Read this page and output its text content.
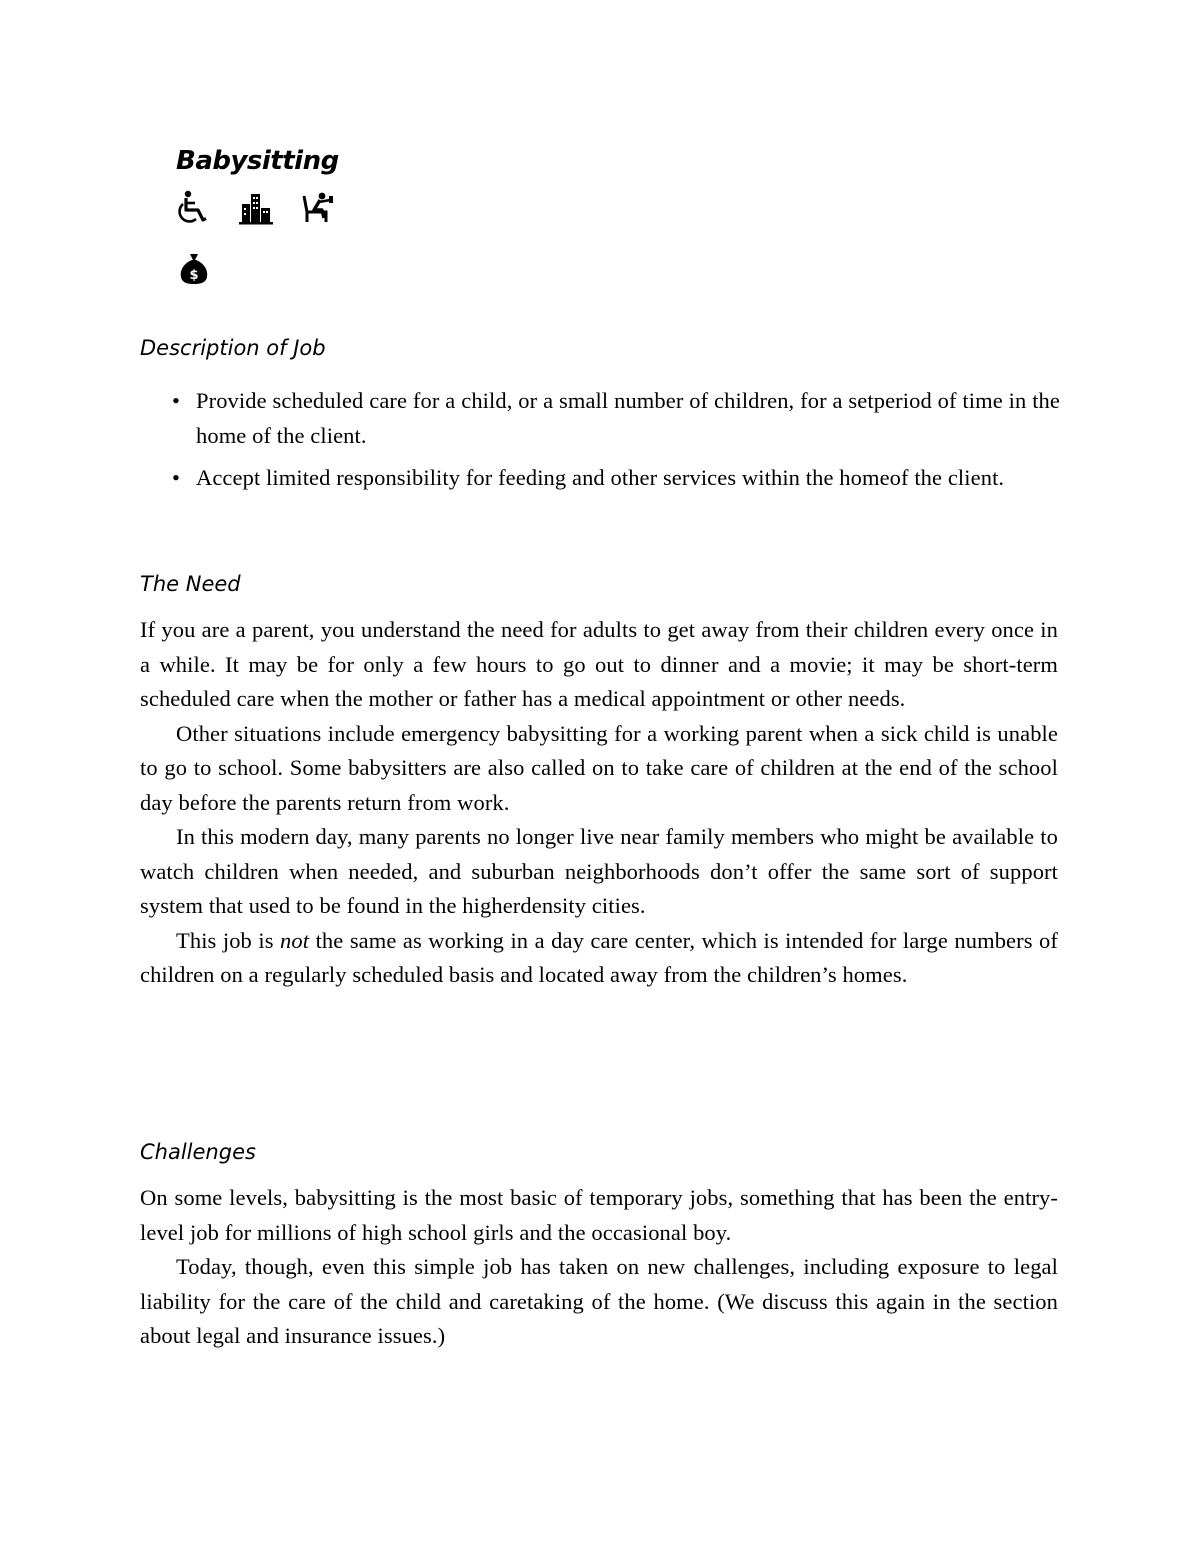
Babysitting
$
Description of Job
• Provide scheduled care for a child, or a small number of children, for a setperiod of time in the home of the client.
• Accept limited responsibility for feeding and other services within the homeof the client.
The Need

If you are a parent, you understand the need for adults to get away from their children every once in a while. It may be for only a few hours to go out to dinner and a movie; it may be short-term scheduled care when the mother or father has a medical appointment or other needs.

Other situations include emergency babysitting for a working parent when a sick child is unable to go to school. Some babysitters are also called on to take care of children at the end of the school day before the parents return from work.

In this modern day, many parents no longer live near family members who might be available to watch children when needed, and suburban neighborhoods don’t offer the same sort of support system that used to be found in the higherdensity cities.

This job is not the same as working in a day care center, which is intended for large numbers of children on a regularly scheduled basis and located away from the children’s homes.

Challenges

On some levels, babysitting is the most basic of temporary jobs, something that has been the entry-level job for millions of high school girls and the occasional boy.

Today, though, even this simple job has taken on new challenges, including exposure to legal liability for the care of the child and caretaking of the home. (We discuss this again in the section about legal and insurance issues.)
